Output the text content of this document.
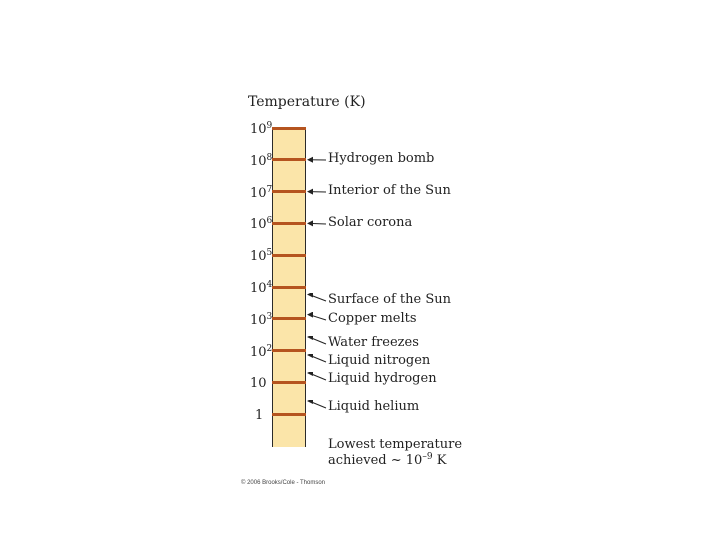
Temperature (K)
$10^9$
$10^8$
$10^7$
$10^6$
$10^5$
$10^4$
$10^3$
$10^2$
10
1
Hydrogen bomb
Interior of the Sun
Solar corona
Surface of the Sun
Copper melts
Water freezes
Liquid nitrogen
Liquid hydrogen
Liquid helium
Lowest temperature
achieved ~ $10^{-9}$ K
© 2006 Brooks/Cole - Thomson
